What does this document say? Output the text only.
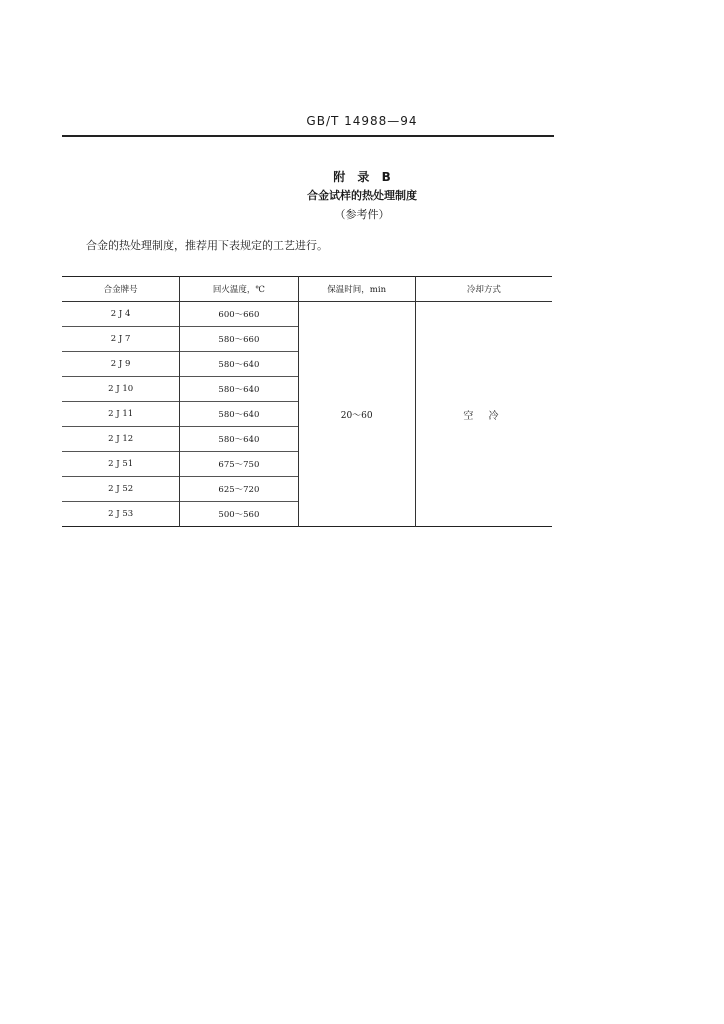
GB/T 14988—94
附 录 B
合金试样的热处理制度
（参考件）
合金的热处理制度，推荐用下表规定的工艺进行。
合金牌号	回火温度，℃	保温时间，min	冷却方式
2 J 4	600～660	20～60	空 冷
2 J 7	580～660		
2 J 9	580～640		
2 J 10	580～640		
2 J 11	580～640		
2 J 12	580～640		
2 J 51	675～750		
2 J 52	625～720		
2 J 53	500～560		
